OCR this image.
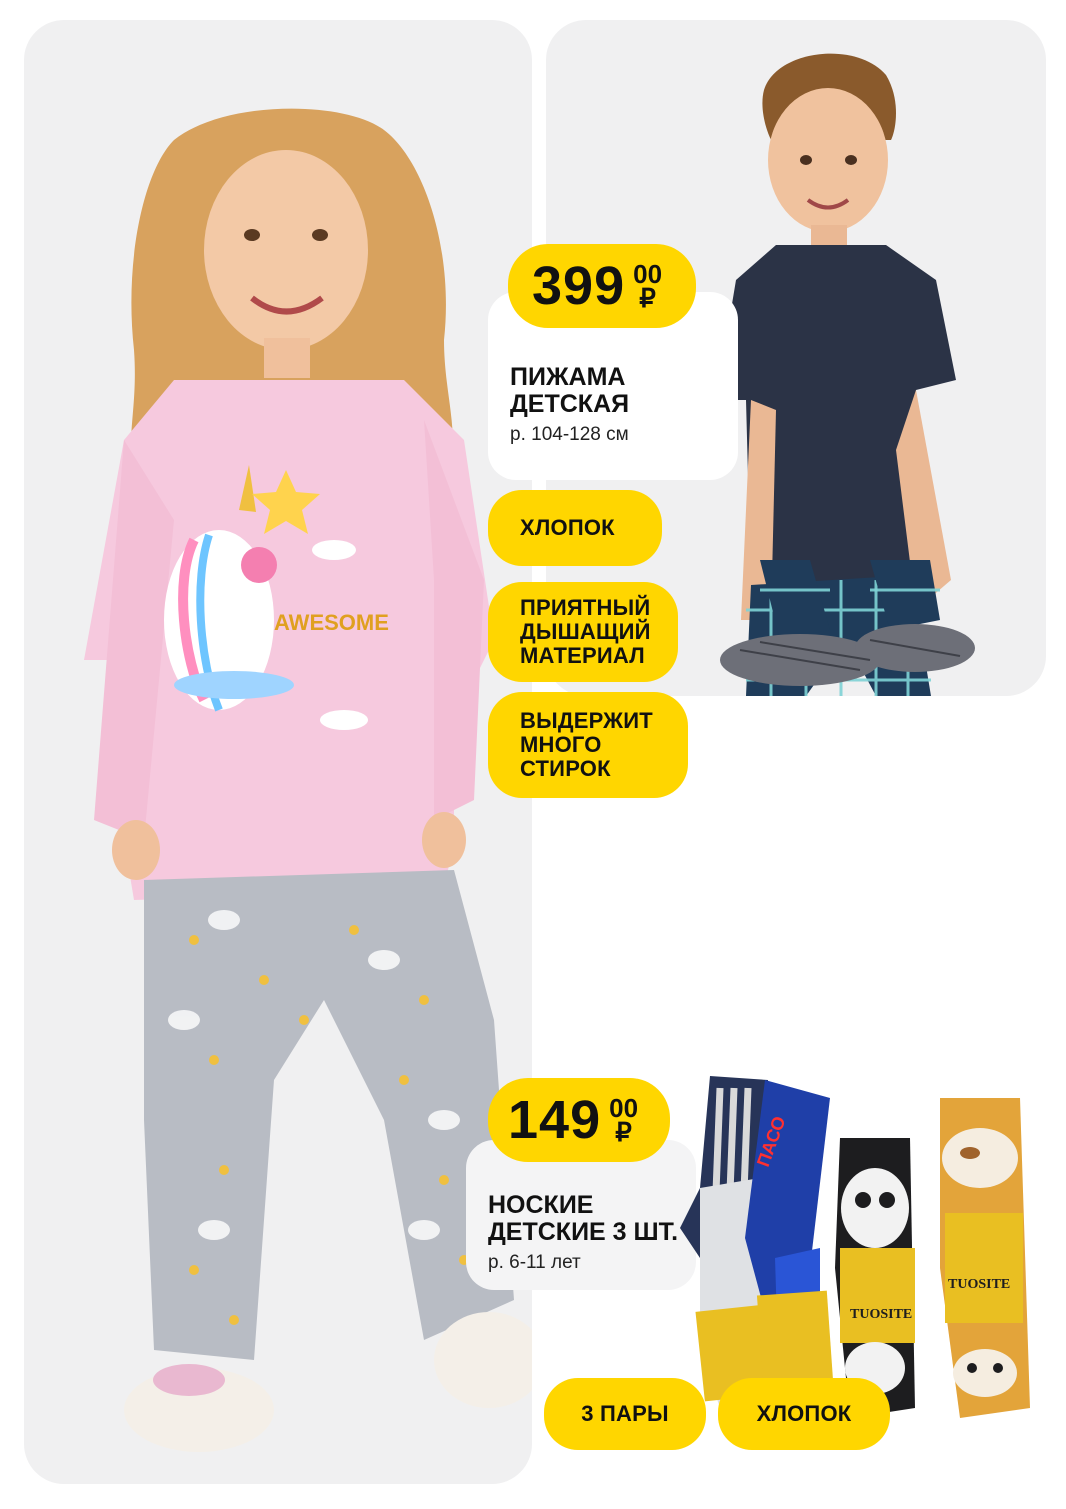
AWESOME
399 00
₽
ПИЖАМА
ДЕТСКАЯ
р. 104-128 см
ХЛОПОК
ПРИЯТНЫЙ ДЫШАЩИЙ МАТЕРИАЛ
ВЫДЕРЖИТ МНОГО СТИРОК
149 00
₽
НОСКИЕ
ДЕТСКИЕ 3 ШТ.
р. 6-11 лет
ПАСО
TUOSITE
TUOSITE
3 ПАРЫ	ХЛОПОК
